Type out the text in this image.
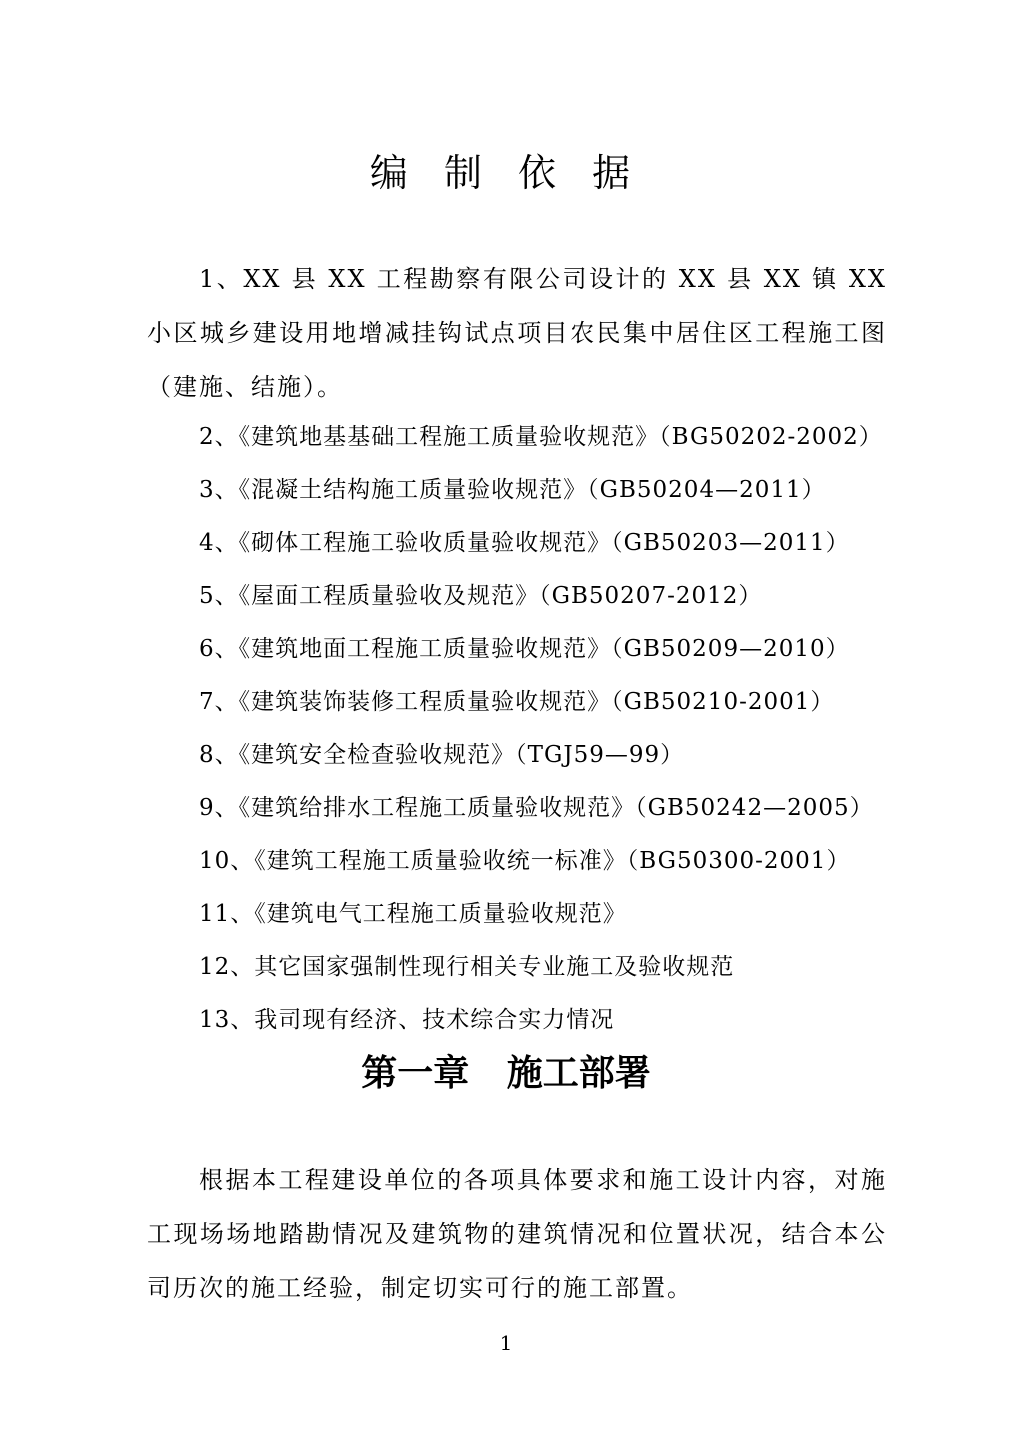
编 制 依 据
1、XX 县 XX 工程勘察有限公司设计的 XX 县 XX 镇 XX 小区城乡建设用地增减挂钩试点项目农民集中居住区工程施工图（建施、结施）。
2、《建筑地基基础工程施工质量验收规范》（BG50202-2002）
3、《混凝土结构施工质量验收规范》（GB50204—2011）
4、《砌体工程施工验收质量验收规范》（GB50203—2011）
5、《屋面工程质量验收及规范》（GB50207-2012）
6、《建筑地面工程施工质量验收规范》（GB50209—2010）
7、《建筑装饰装修工程质量验收规范》（GB50210-2001）
8、《建筑安全检查验收规范》（TGJ59—99）
9、《建筑给排水工程施工质量验收规范》（GB50242—2005）
10、《建筑工程施工质量验收统一标准》（BG50300-2001）
11、《建筑电气工程施工质量验收规范》
12、其它国家强制性现行相关专业施工及验收规范
13、我司现有经济、技术综合实力情况
第一章   施工部署
根据本工程建设单位的各项具体要求和施工设计内容，对施工现场场地踏勘情况及建筑物的建筑情况和位置状况，结合本公司历次的施工经验，制定切实可行的施工部置。
1
